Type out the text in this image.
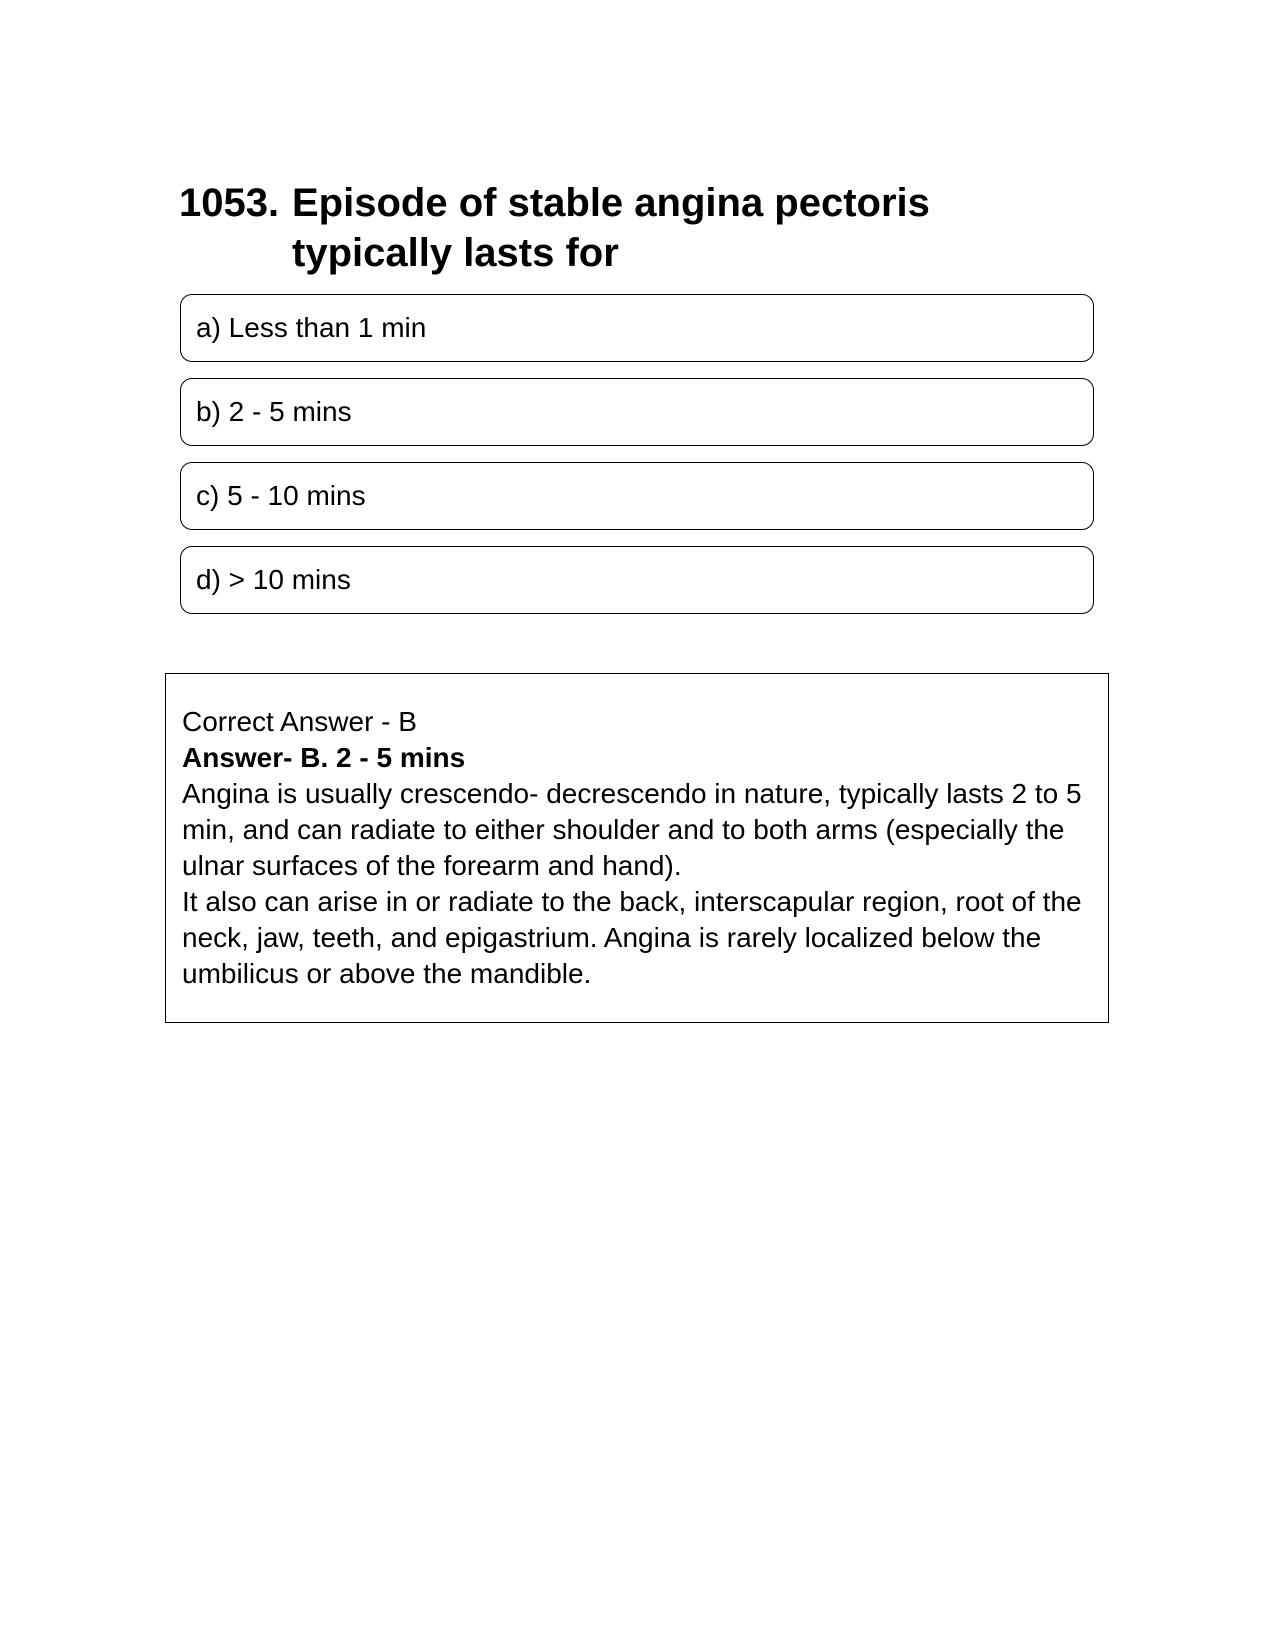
1053. Episode of stable angina pectoris typically lasts for
a) Less than 1 min
b) 2 - 5 mins
c) 5 - 10 mins
d) > 10 mins

Correct Answer - B

Answer- B. 2 - 5 mins

Angina is usually crescendo- decrescendo in nature, typically lasts 2 to 5 min, and can radiate to either shoulder and to both arms (especially the ulnar surfaces of the forearm and hand).

It also can arise in or radiate to the back, interscapular region, root of the neck, jaw, teeth, and epigastrium. Angina is rarely localized below the umbilicus or above the mandible.
